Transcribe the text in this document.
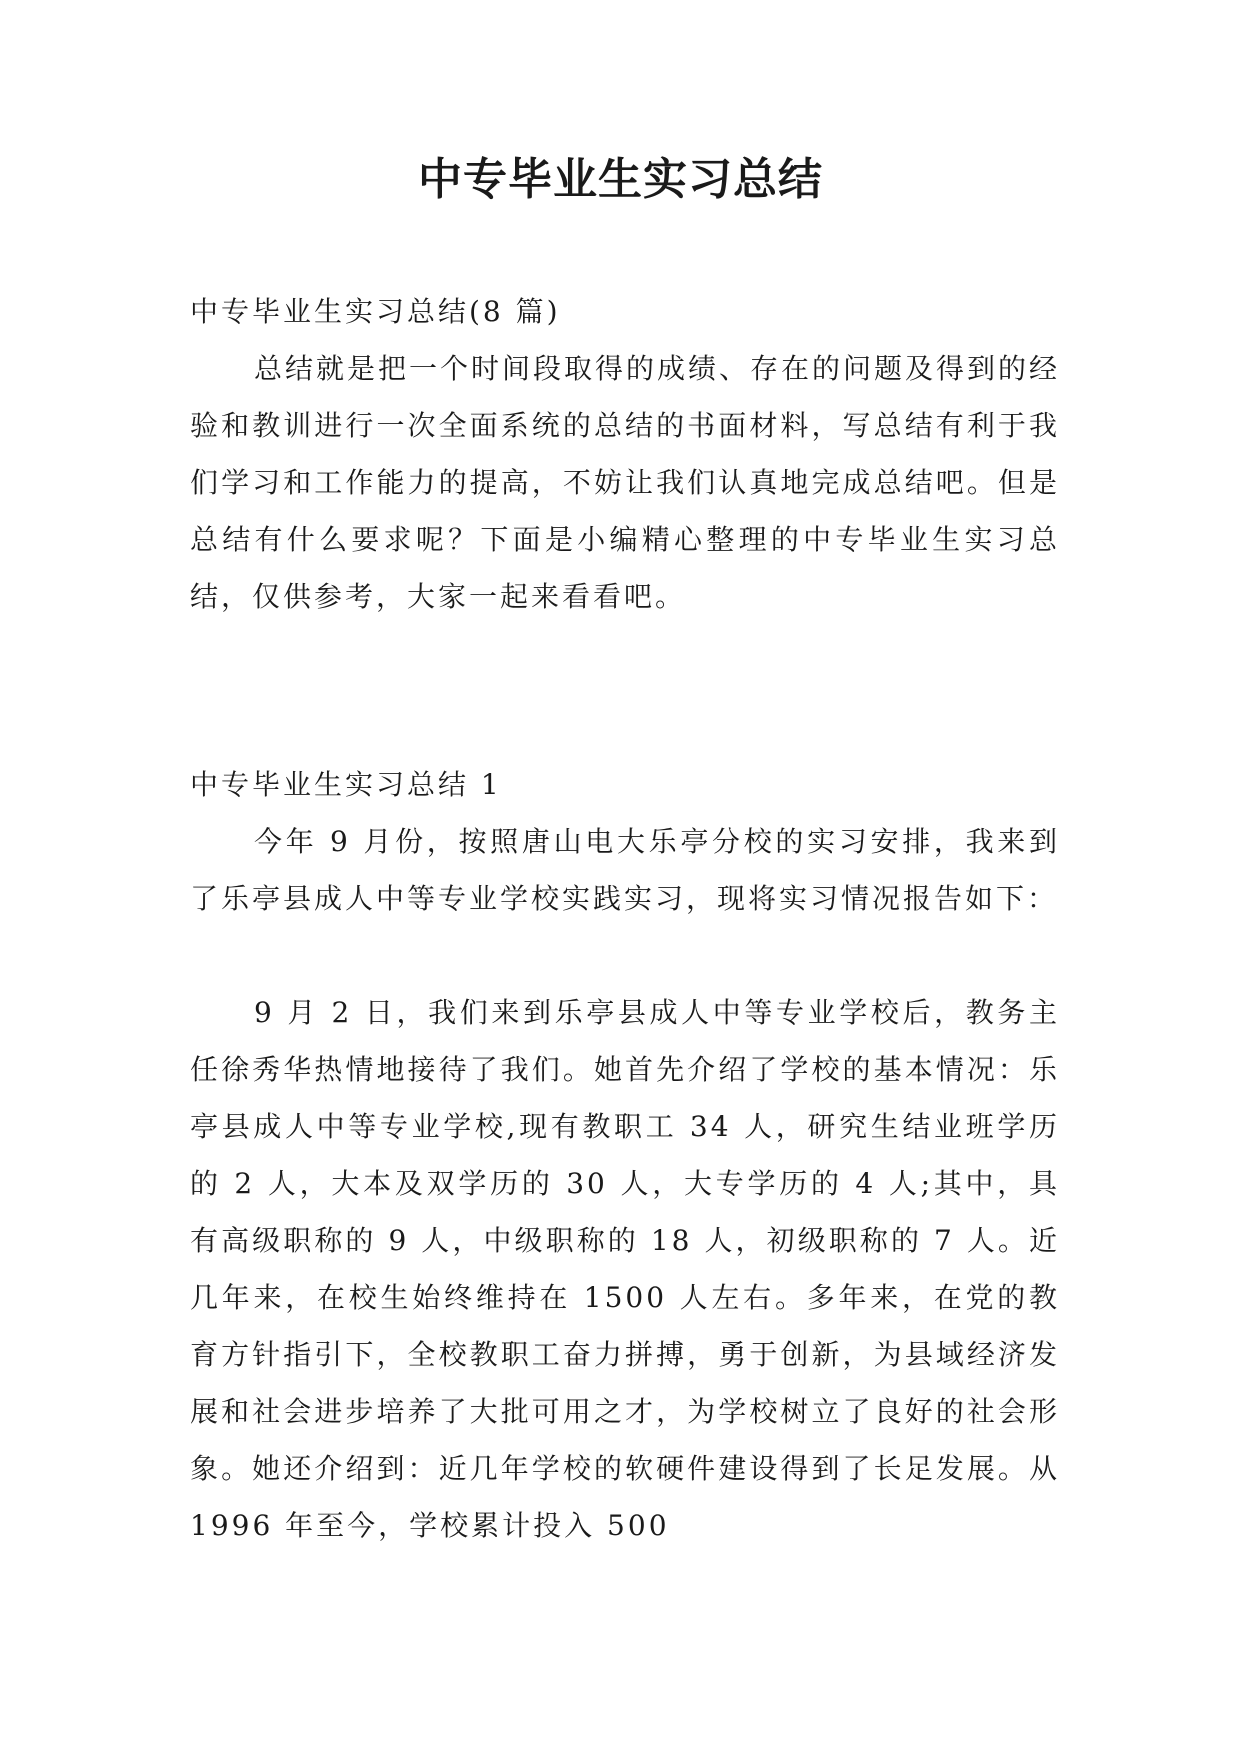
中专毕业生实习总结

中专毕业生实习总结(8 篇)

总结就是把一个时间段取得的成绩、存在的问题及得到的经验和教训进行一次全面系统的总结的书面材料，写总结有利于我们学习和工作能力的提高，不妨让我们认真地完成总结吧。但是总结有什么要求呢？下面是小编精心整理的中专毕业生实习总结，仅供参考，大家一起来看看吧。

中专毕业生实习总结 1

今年 9 月份，按照唐山电大乐亭分校的实习安排，我来到了乐亭县成人中等专业学校实践实习，现将实习情况报告如下：

9 月 2 日，我们来到乐亭县成人中等专业学校后，教务主任徐秀华热情地接待了我们。她首先介绍了学校的基本情况：乐亭县成人中等专业学校,现有教职工 34 人，研究生结业班学历的 2 人，大本及双学历的 30 人，大专学历的 4 人;其中，具有高级职称的 9 人，中级职称的 18 人，初级职称的 7 人。近几年来，在校生始终维持在 1500 人左右。多年来，在党的教育方针指引下，全校教职工奋力拼搏，勇于创新，为县域经济发展和社会进步培养了大批可用之才，为学校树立了良好的社会形象。她还介绍到：近几年学校的软硬件建设得到了长足发展。从 1996 年至今，学校累计投入 500
